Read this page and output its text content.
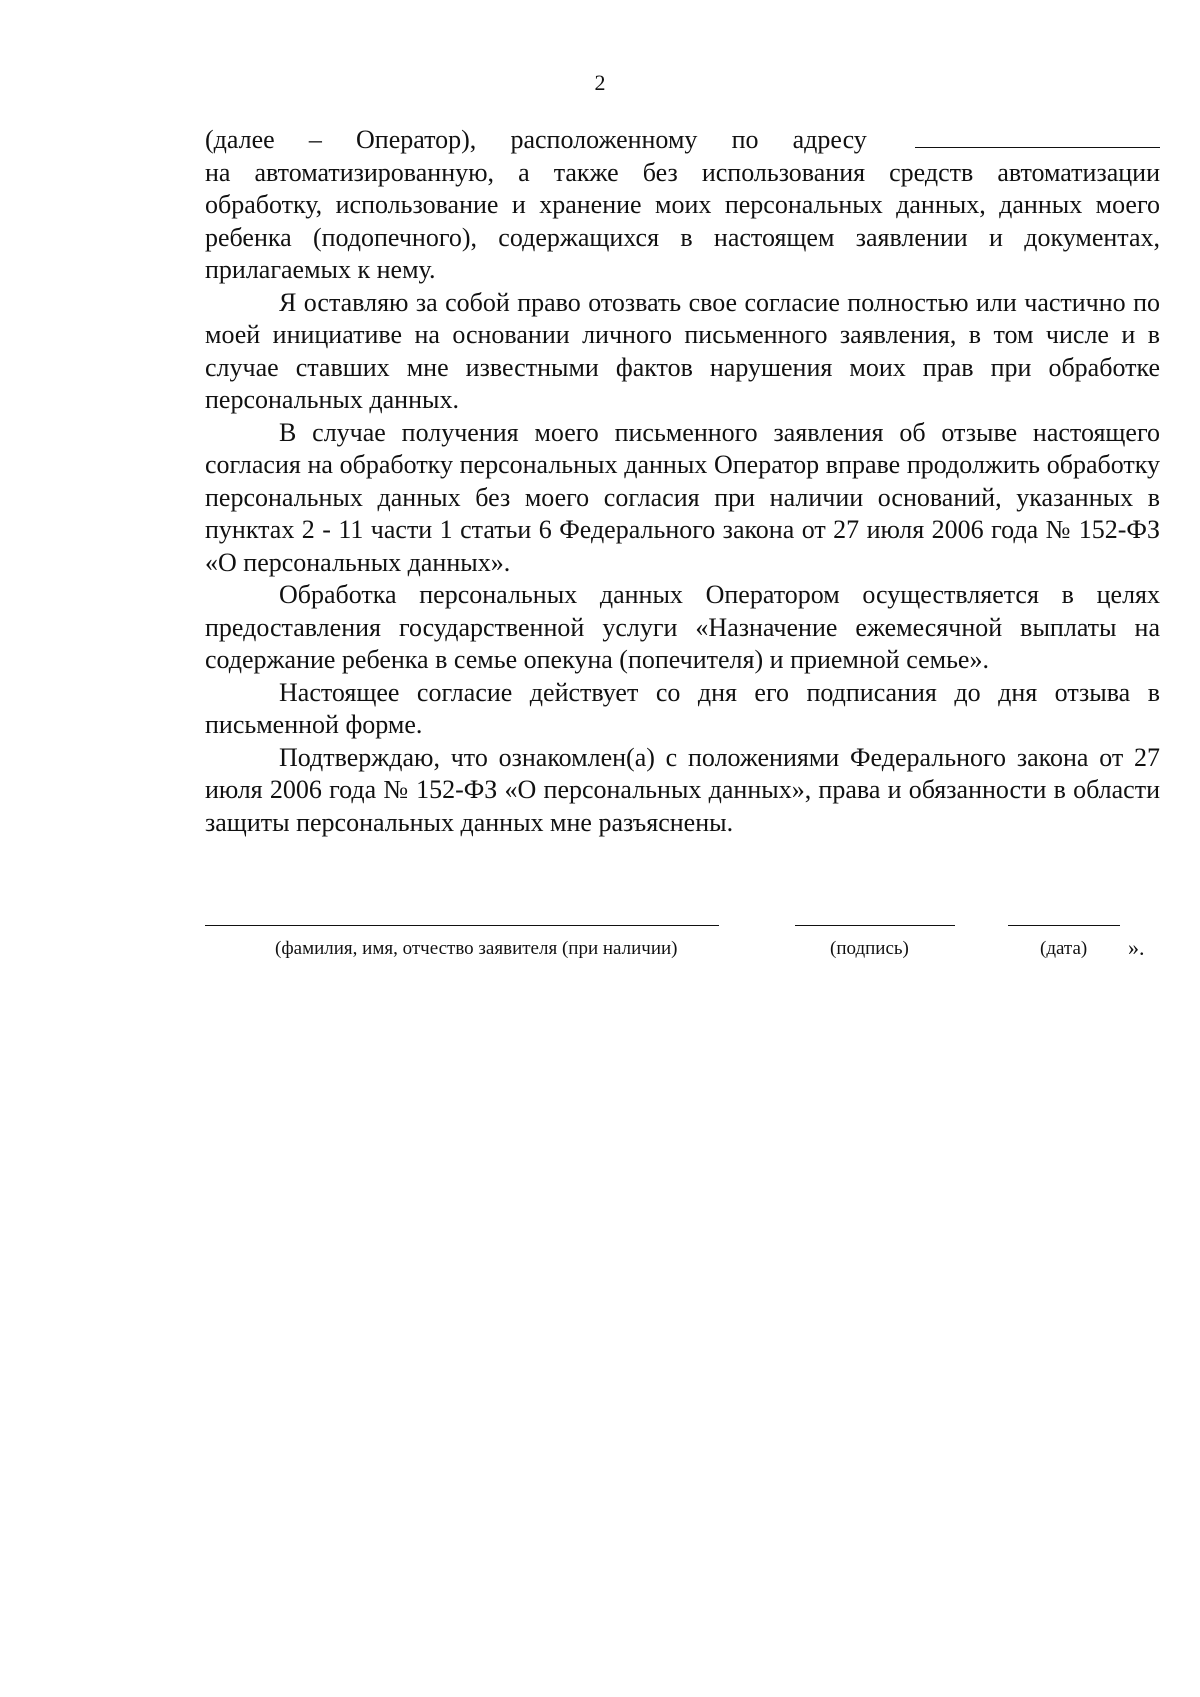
2
(далее – Оператор), расположенному по адресу

на автоматизированную, а также без использования средств автоматизации обработку, использование и хранение моих персональных данных, данных моего ребенка (подопечного), содержащихся в настоящем заявлении и документах, прилагаемых к нему.

Я оставляю за собой право отозвать свое согласие полностью или частично по моей инициативе на основании личного письменного заявления, в том числе и в случае ставших мне известными фактов нарушения моих прав при обработке персональных данных.

В случае получения моего письменного заявления об отзыве настоящего согласия на обработку персональных данных Оператор вправе продолжить обработку персональных данных без моего согласия при наличии оснований, указанных в пунктах 2 - 11 части 1 статьи 6 Федерального закона от 27 июля 2006 года № 152-ФЗ «О персональных данных».

Обработка персональных данных Оператором осуществляется в целях предоставления государственной услуги «Назначение ежемесячной выплаты на содержание ребенка в семье опекуна (попечителя) и приемной семье».

Настоящее согласие действует со дня его подписания до дня отзыва в письменной форме.

Подтверждаю, что ознакомлен(а) с положениями Федерального закона от 27 июля 2006 года № 152-ФЗ «О персональных данных», права и обязанности в области защиты персональных данных мне разъяснены.

(фамилия, имя, отчество заявителя (при наличии)	(подпись)	(дата) ».
